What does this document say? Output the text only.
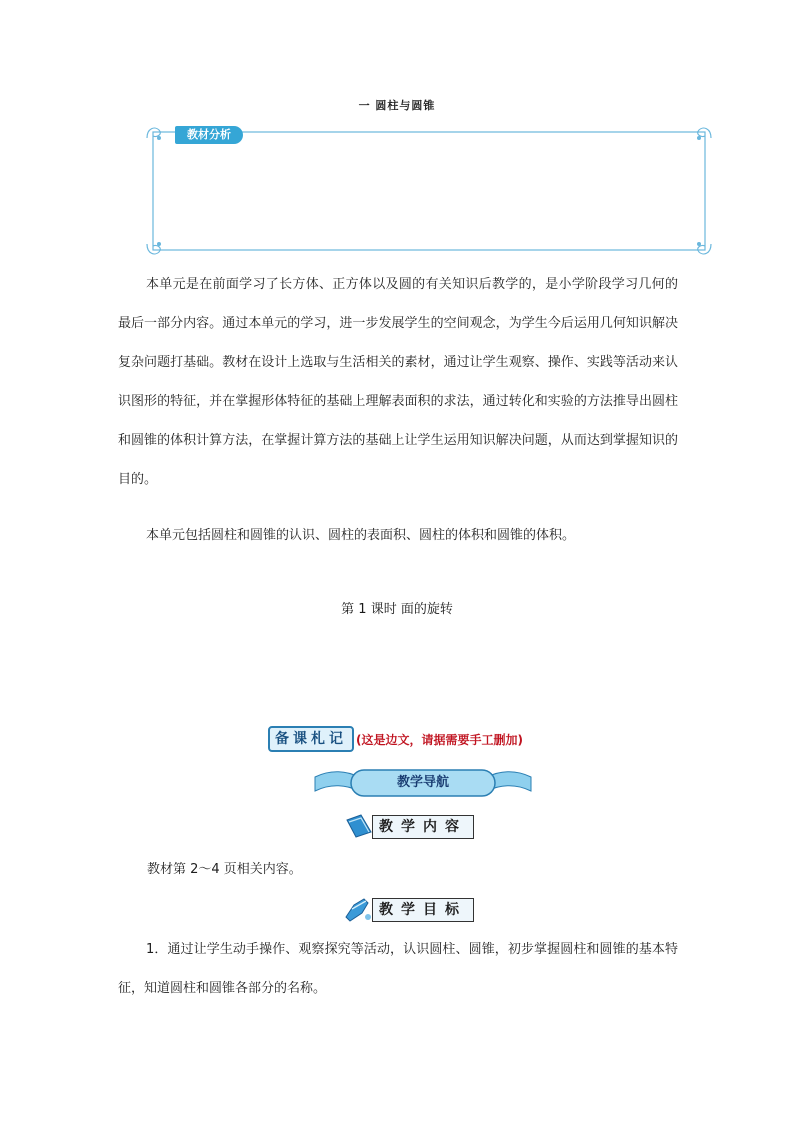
一 圆柱与圆锥
教材分析

本单元是在前面学习了长方体、正方体以及圆的有关知识后教学的，是小学阶段学习几何的最后一部分内容。通过本单元的学习，进一步发展学生的空间观念，为学生今后运用几何知识解决复杂问题打基础。教材在设计上选取与生活相关的素材，通过让学生观察、操作、实践等活动来认识图形的特征，并在掌握形体特征的基础上理解表面积的求法，通过转化和实验的方法推导出圆柱和圆锥的体积计算方法，在掌握计算方法的基础上让学生运用知识解决问题，从而达到掌握知识的目的。

本单元包括圆柱和圆锥的认识、圆柱的表面积、圆柱的体积和圆锥的体积。

第 1 课时 面的旋转
备课札记 (这是边文，请据需要手工删加)
教学导航
教学内容
教材第 2～4 页相关内容。
教学目标

1．通过让学生动手操作、观察探究等活动，认识圆柱、圆锥，初步掌握圆柱和圆锥的基本特征，知道圆柱和圆锥各部分的名称。
